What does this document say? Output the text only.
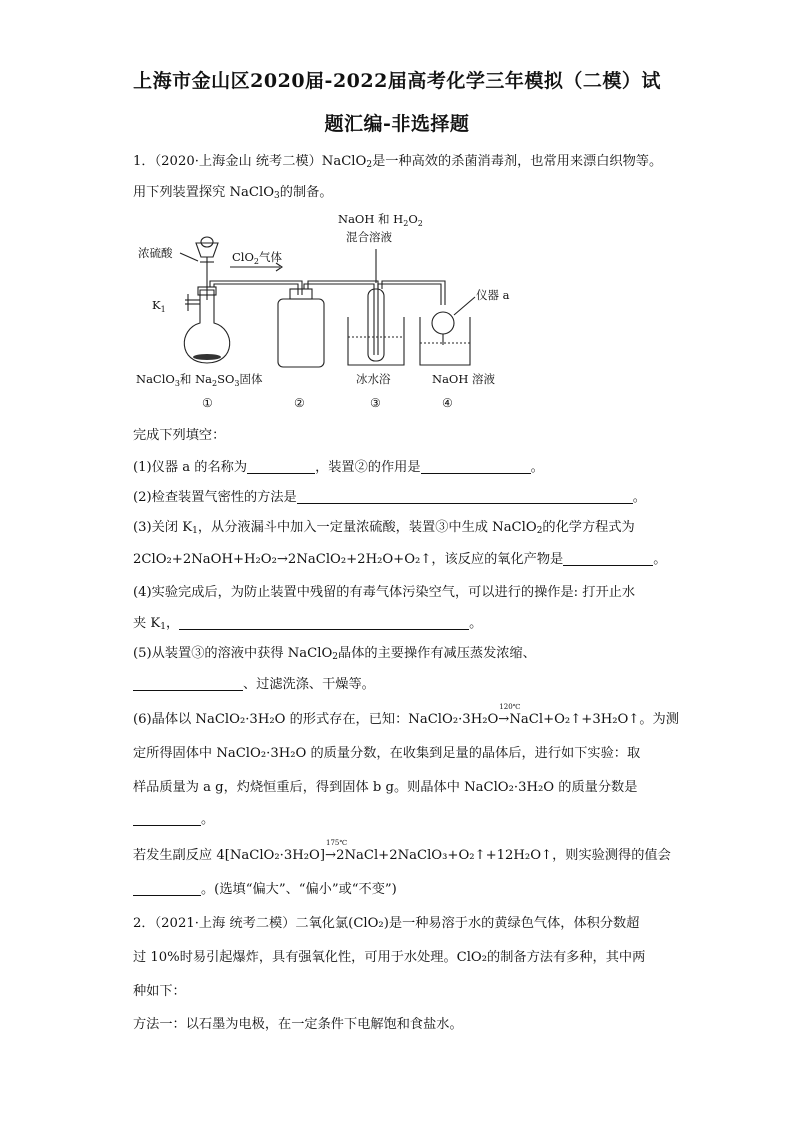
上海市金山区2020届-2022届高考化学三年模拟（二模）试
题汇编-非选择题
1．（2020·上海金山 统考二模）NaClO$_2$是一种高效的杀菌消毒剂，也常用来漂白织物等。
用下列装置探究 NaClO$_3$的制备。
浓硫酸	ClO$_2$气体
$K_1$
NaOH 和 $H_2O_2$
混合溶液
仪器 a
NaClO$_3$和 $Na_2SO_3$固体	冰水浴	NaOH 溶液
①	②	③	④
完成下列填空：
(1)仪器 a 的名称为	，装置②的作用是	。
(2)检查装置气密性的方法是	。
(3)关闭 $K_1$，从分液漏斗中加入一定量浓硫酸，装置③中生成 NaClO$_2$的化学方程式为
2ClO₂+2NaOH+H₂O₂→2NaClO₂+2H₂O+O₂↑，该反应的氧化产物是	。
(4)实验完成后，为防止装置中残留的有毒气体污染空气，可以进行的操作是: 打开止水
夹 $K_1$，	。
(5)从装置③的溶液中获得 NaClO$_2$晶体的主要操作有减压蒸发浓缩、
、过滤洗涤、干燥等。
(6)晶体以 NaClO₂·3H₂O 的形式存在，已知：NaClO₂·3H₂O
120℃
→NaCl+O₂↑+3H₂O↑。为测
定所得固体中 NaClO₂·3H₂O 的质量分数，在收集到足量的晶体后，进行如下实验：取
样品质量为 a g，灼烧恒重后，得到固体 b g。则晶体中 NaClO₂·3H₂O 的质量分数是
。
若发生副反应 4[NaClO₂·3H₂O]
175℃
→2NaCl+2NaClO₃+O₂↑+12H₂O↑，则实验测得的值会
。(选填“偏大”、“偏小”或“不变”)
2．（2021·上海 统考二模）二氧化氯(ClO₂)是一种易溶于水的黄绿色气体，体积分数超
过 10%时易引起爆炸，具有强氧化性，可用于水处理。ClO₂的制备方法有多种，其中两
种如下：
方法一：以石墨为电极，在一定条件下电解饱和食盐水。
